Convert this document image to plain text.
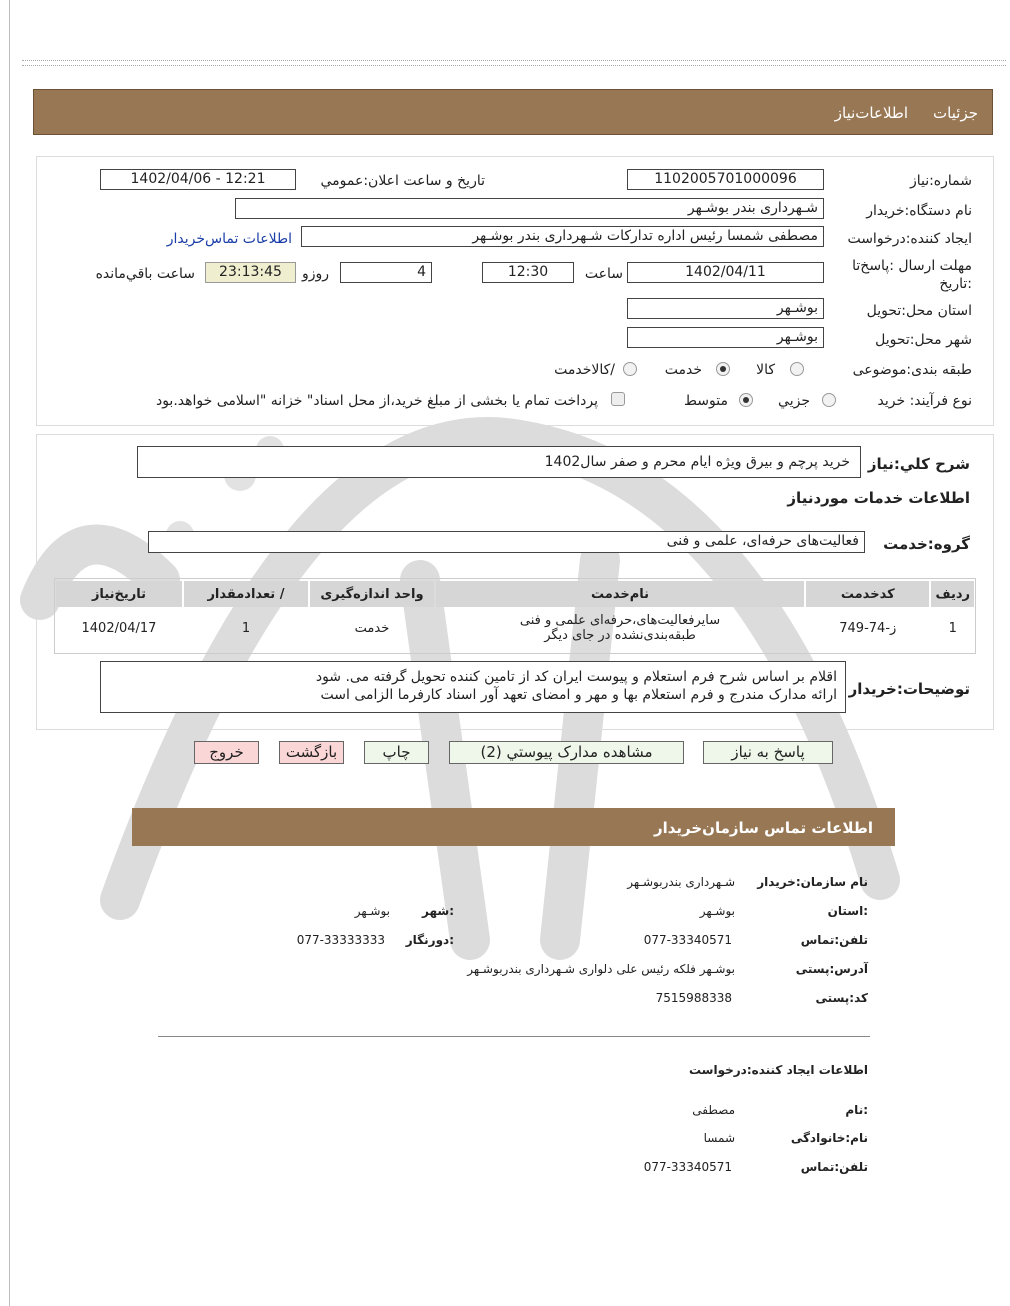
جزئیات
اطلاعات‌نیاز
شماره:نیاز
1102005701000096
تاریخ و ساعت اعلان:عمومي
1402/04/06 - 12:21
نام دستگاه:خریدار
شـهرداری بندر بوشـهر
ایجاد کننده:درخواست
مصطفی شمسا رئیس اداره تدارکات شـهرداری بندر بوشـهر
اطلاعات تماس‌خریدار
مهلت ارسال :پاسخ‌تا :تاریخ
1402/04/11
ساعت
12:30
4
روزو
23:13:45
ساعت باقي‌مانده
استان محل:تحویل
بوشـهر
شهر محل:تحویل
بوشـهر
طبقه بندی:موضوعی
کالا
خدمت
/کالاخدمت
نوع فرآیند: خرید
جزيي
متوسط
پرداخت تمام یا بخشی از مبلغ خرید،از محل اسناد" خزانه "اسلامی خواهد.بود
شرح کلي:نیاز
خرید پرچم و بیرق ویژه ایام محرم و صفر سال1402
اطلاعات خدمات موردنیاز
گروه:خدمت
فعالیت‌های حرفه‌ای، علمی و فنی
ردیف	کدخدمت	نام‌خدمت	واحد اندازه‌گیری	/ تعدادمقدار	تاریخ‌نیاز
1	ز-74-749	سایرفعالیت‌های،حرفه‌ای علمی و فنی
طبقه‌بندی‌نشده در جای دیگر	خدمت	1	1402/04/17
توضیحات:خریدار
اقلام بر اساس شرح فرم استعلام و پیوست ایران کد از تامین کننده تحویل گرفته می. شود
ارائه مدارک مندرج و فرم استعلام بها و مهر و امضای تعهد آور اسناد کارفرما الزامی است
پاسخ به نیاز
مشاهده مدارک پیوستي (2)
چاپ
بازگشت
خروج
اطلاعات تماس سازمان‌خریدار
نام سازمان:خریدار
شـهرداری بندربوشـهر
:استان
بوشـهر
:شهر
بوشـهر
تلفن:تماس
077-33340571
:دورنگار
077-33333333
آدرس:پستی
بوشـهر فلکه رئیس علی دلواری شـهرداری بندربوشـهر
کد:پستی
7515988338
اطلاعات ایجاد کننده:درخواست
:نام
مصطفی
نام:خانوادگی
شمسا
تلفن:تماس
077-33340571
